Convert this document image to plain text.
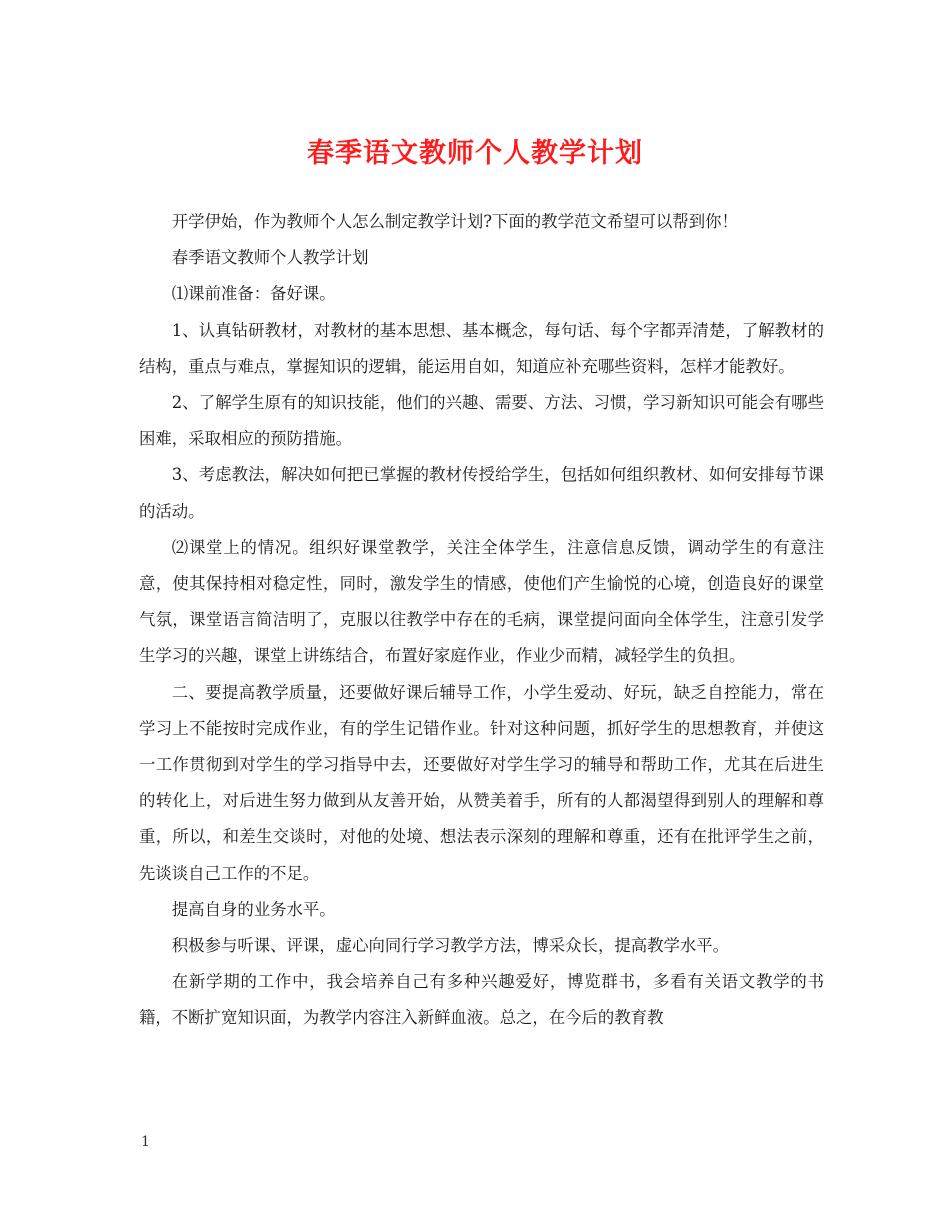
春季语文教师个人教学计划

开学伊始，作为教师个人怎么制定教学计划?下面的教学范文希望可以帮到你！

春季语文教师个人教学计划

⑴课前准备：备好课。

1、认真钻研教材，对教材的基本思想、基本概念，每句话、每个字都弄清楚，了解教材的结构，重点与难点，掌握知识的逻辑，能运用自如，知道应补充哪些资料，怎样才能教好。

2、了解学生原有的知识技能，他们的兴趣、需要、方法、习惯，学习新知识可能会有哪些困难，采取相应的预防措施。

3、考虑教法，解决如何把已掌握的教材传授给学生，包括如何组织教材、如何安排每节课的活动。

⑵课堂上的情况。组织好课堂教学，关注全体学生，注意信息反馈，调动学生的有意注意，使其保持相对稳定性，同时，激发学生的情感，使他们产生愉悦的心境，创造良好的课堂气氛，课堂语言简洁明了，克服以往教学中存在的毛病，课堂提问面向全体学生，注意引发学生学习的兴趣，课堂上讲练结合，布置好家庭作业，作业少而精，减轻学生的负担。

二、要提高教学质量，还要做好课后辅导工作，小学生爱动、好玩，缺乏自控能力，常在学习上不能按时完成作业，有的学生记错作业。针对这种问题，抓好学生的思想教育，并使这一工作贯彻到对学生的学习指导中去，还要做好对学生学习的辅导和帮助工作，尤其在后进生的转化上，对后进生努力做到从友善开始，从赞美着手，所有的人都渴望得到别人的理解和尊重，所以，和差生交谈时，对他的处境、想法表示深刻的理解和尊重，还有在批评学生之前，先谈谈自己工作的不足。

提高自身的业务水平。

积极参与听课、评课，虚心向同行学习教学方法，博采众长，提高教学水平。

在新学期的工作中，我会培养自己有多种兴趣爱好，博览群书，多看有关语文教学的书籍，不断扩宽知识面，为教学内容注入新鲜血液。总之，在今后的教育教

1
